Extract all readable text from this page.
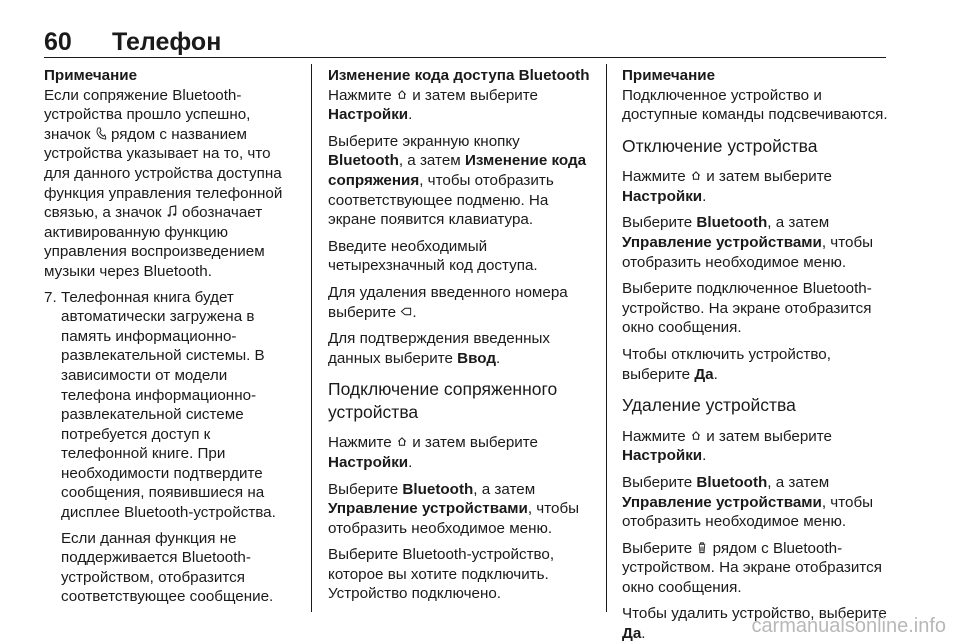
60 Телефон
Примечание
Если сопряжение Bluetooth-устройства прошло успешно, значок рядом с названием устройства указывает на то, что для данного устройства доступна функция управления телефонной связью, а значок обозначает активированную функцию управления воспроизведением музыки через Bluetooth.
7. Телефонная книга будет автоматически загружена в память информационно-развлекательной системы. В зависимости от модели телефона информационно-развлекательной системе потребуется доступ к телефонной книге. При необходимости подтвердите сообщения, появившиеся на дисплее Bluetooth-устройства.

Если данная функция не поддерживается Bluetooth-устройством, отобразится соответствующее сообщение.

Изменение кода доступа Bluetooth

Нажмите и затем выберите Настройки.

Выберите экранную кнопку Bluetooth, а затем Изменение кода сопряжения, чтобы отобразить соответствующее подменю. На экране появится клавиатура.

Введите необходимый четырехзначный код доступа.

Для удаления введенного номера выберите .

Для подтверждения введенных данных выберите Ввод.

Подключение сопряженного устройства

Нажмите и затем выберите Настройки.

Выберите Bluetooth, а затем Управление устройствами, чтобы отобразить необходимое меню.

Выберите Bluetooth-устройство, которое вы хотите подключить. Устройство подключено.

Примечание

Подключенное устройство и доступные команды подсвечиваются.

Отключение устройства

Нажмите и затем выберите Настройки.

Выберите Bluetooth, а затем Управление устройствами, чтобы отобразить необходимое меню.

Выберите подключенное Bluetooth-устройство. На экране отобразится окно сообщения.

Чтобы отключить устройство, выберите Да.

Удаление устройства

Нажмите и затем выберите Настройки.

Выберите Bluetooth, а затем Управление устройствами, чтобы отобразить необходимое меню.

Выберите рядом с Bluetooth-устройством. На экране отобразится окно сообщения.

Чтобы удалить устройство, выберите Да.	carmanualsonline.info
